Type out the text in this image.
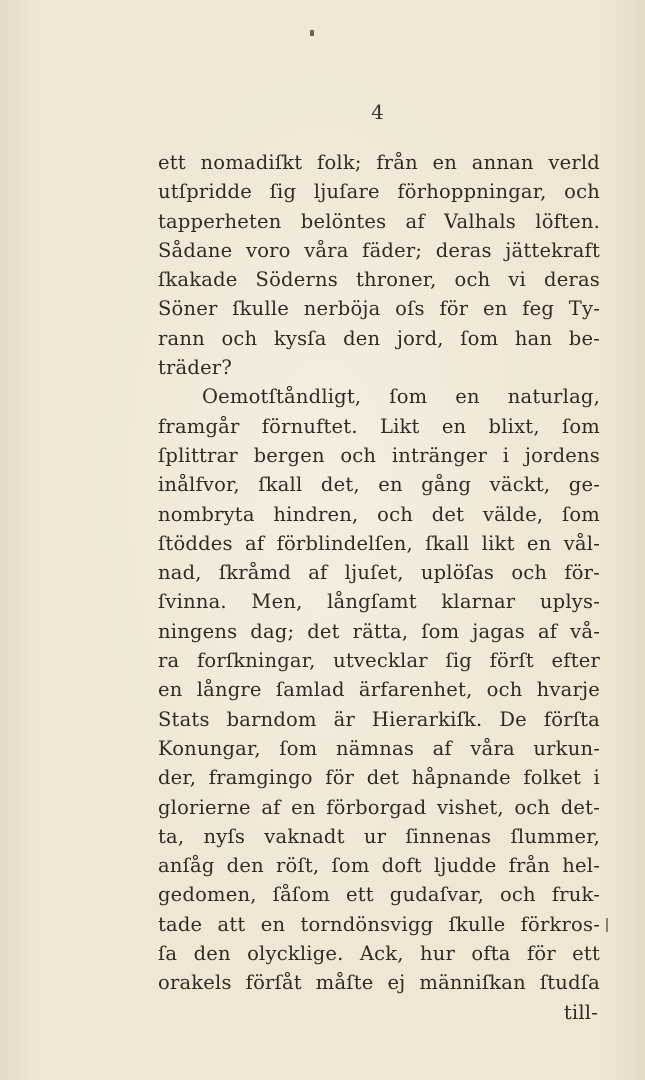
4
ett nomadiſkt folk; från en annan verld
utſpridde ſig ljuſare förhoppningar, och
tapperheten belöntes af Valhals löften.
Sådane voro våra fäder; deras jättekraft
ſkakade Söderns throner, och vi deras
Söner ſkulle nerböja oſs för en feg Ty-
rann och kysſa den jord, ſom han be-
träder?
Oemotſtåndligt, ſom en naturlag,
framgår förnuftet. Likt en blixt, ſom
ſplittrar bergen och intränger i jordens
inålfvor, ſkall det, en gång väckt, ge-
nombryta hindren, och det välde, ſom
ſtöddes af förblindelſen, ſkall likt en vål-
nad, ſkråmd af ljuſet, uplöſas och för-
ſvinna. Men, långſamt klarnar uplys-
ningens dag; det rätta, ſom jagas af vå-
ra forſkningar, utvecklar ſig förſt efter
en långre ſamlad ärfarenhet, och hvarje
Stats barndom är Hierarkiſk. De förſta
Konungar, ſom nämnas af våra urkun-
der, framgingo för det håpnande folket i
glorierne af en förborgad vishet, och det-
ta, nyſs vaknadt ur ſinnenas ſlummer,
anſåg den röſt, ſom doft ljudde från hel-
gedomen, ſåſom ett gudaſvar, och fruk-
tade att en torndönsvigg ſkulle förkros-
ſa den olycklige. Ack, hur ofta för ett
orakels förſåt måſte ej männiſkan ſtudſa
till-
